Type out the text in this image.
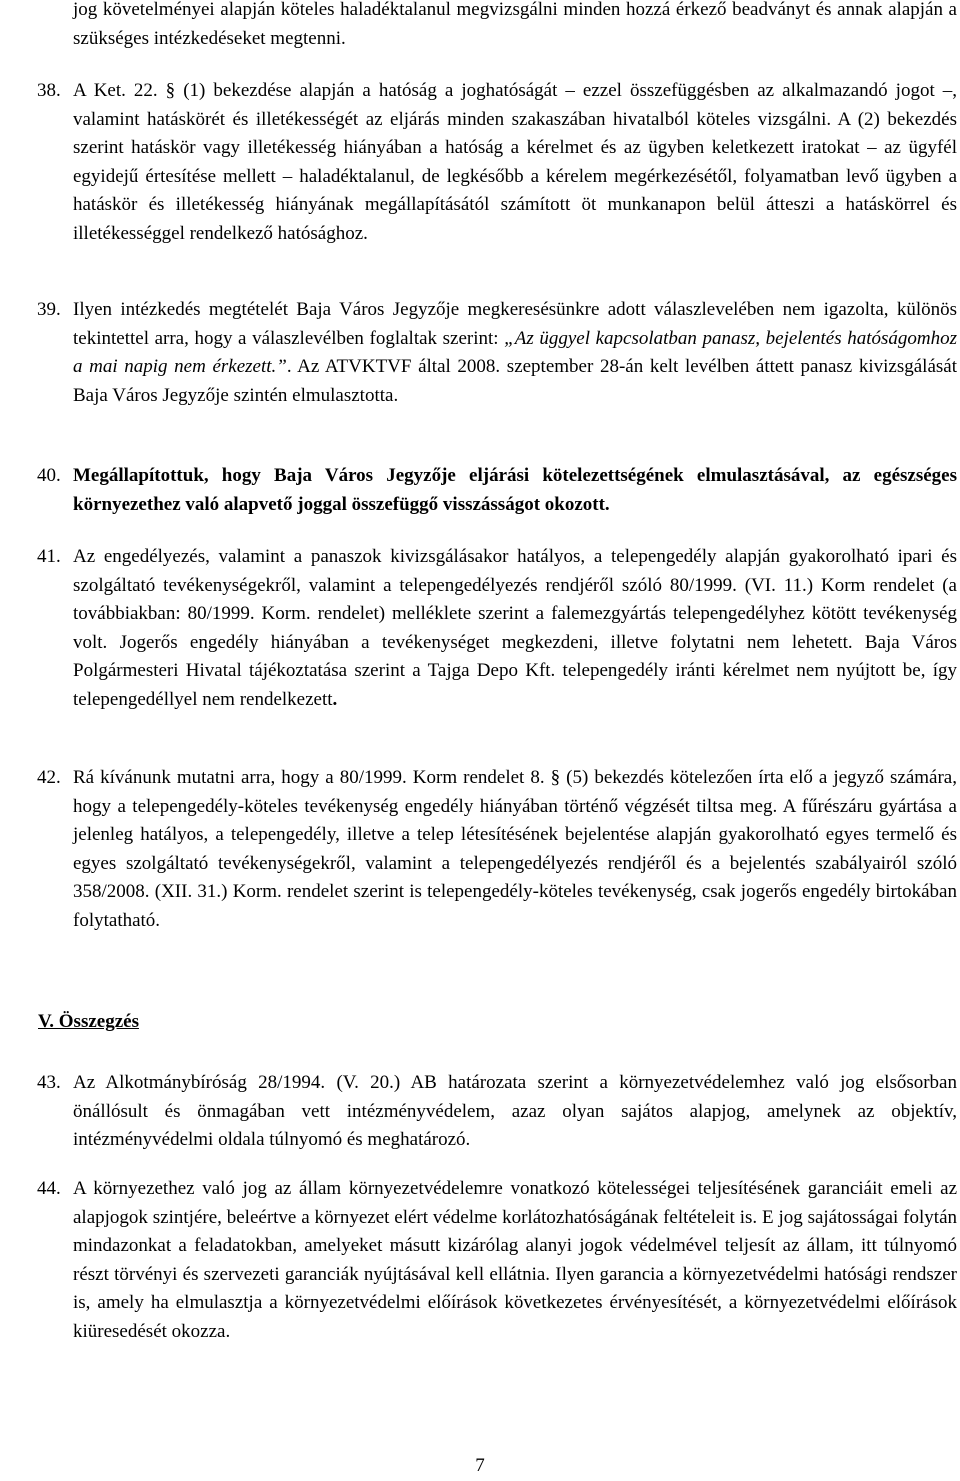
jog követelményei alapján köteles haladéktalanul megvizsgálni minden hozzá érkező beadványt és annak alapján a szükséges intézkedéseket megtenni.

38. A Ket. 22. § (1) bekezdése alapján a hatóság a joghatóságát – ezzel összefüggésben az alkalmazandó jogot –, valamint hatáskörét és illetékességét az eljárás minden szakaszában hivatalból köteles vizsgálni. A (2) bekezdés szerint hatáskör vagy illetékesség hiányában a hatóság a kérelmet és az ügyben keletkezett iratokat – az ügyfél egyidejű értesítése mellett – haladéktalanul, de legkésőbb a kérelem megérkezésétől, folyamatban levő ügyben a hatáskör és illetékesség hiányának megállapításától számított öt munkanapon belül átteszi a hatáskörrel és illetékességgel rendelkező hatósághoz.

39. Ilyen intézkedés megtételét Baja Város Jegyzője megkeresésünkre adott válaszlevelében nem igazolta, különös tekintettel arra, hogy a válaszlevélben foglaltak szerint: „Az üggyel kapcsolatban panasz, bejelentés hatóságomhoz a mai napig nem érkezett.”. Az ATVKTVF által 2008. szeptember 28-án kelt levélben áttett panasz kivizsgálását Baja Város Jegyzője szintén elmulasztotta.

40. Megállapítottuk, hogy Baja Város Jegyzője eljárási kötelezettségének elmulasztásával, az egészséges környezethez való alapvető joggal összefüggő visszásságot okozott.

41. Az engedélyezés, valamint a panaszok kivizsgálásakor hatályos, a telepengedély alapján gyakorolható ipari és szolgáltató tevékenységekről, valamint a telepengedélyezés rendjéről szóló 80/1999. (VI. 11.) Korm rendelet (a továbbiakban: 80/1999. Korm. rendelet) melléklete szerint a falemezgyártás telepengedélyhez kötött tevékenység volt. Jogerős engedély hiányában a tevékenységet megkezdeni, illetve folytatni nem lehetett. Baja Város Polgármesteri Hivatal tájékoztatása szerint a Tajga Depo Kft. telepengedély iránti kérelmet nem nyújtott be, így telepengedéllyel nem rendelkezett.

42. Rá kívánunk mutatni arra, hogy a 80/1999. Korm rendelet 8. § (5) bekezdés kötelezően írta elő a jegyző számára, hogy a telepengedély-köteles tevékenység engedély hiányában történő végzését tiltsa meg. A fűrészáru gyártása a jelenleg hatályos, a telepengedély, illetve a telep létesítésének bejelentése alapján gyakorolható egyes termelő és egyes szolgáltató tevékenységekről, valamint a telepengedélyezés rendjéről és a bejelentés szabályairól szóló 358/2008. (XII. 31.) Korm. rendelet szerint is telepengedély-köteles tevékenység, csak jogerős engedély birtokában folytatható.

V. Összegzés

43. Az Alkotmánybíróság 28/1994. (V. 20.) AB határozata szerint a környezetvédelemhez való jog elsősorban önállósult és önmagában vett intézményvédelem, azaz olyan sajátos alapjog, amelynek az objektív, intézményvédelmi oldala túlnyomó és meghatározó.

44. A környezethez való jog az állam környezetvédelemre vonatkozó kötelességei teljesítésének garanciáit emeli az alapjogok szintjére, beleértve a környezet elért védelme korlátozhatóságának feltételeit is. E jog sajátosságai folytán mindazonkat a feladatokban, amelyeket másutt kizárólag alanyi jogok védelmével teljesít az állam, itt túlnyomó részt törvényi és szervezeti garanciák nyújtásával kell ellátnia. Ilyen garancia a környezetvédelmi hatósági rendszer is, amely ha elmulasztja a környezetvédelmi előírások következetes érvényesítését, a környezetvédelmi előírások kiüresedését okozza.

7
